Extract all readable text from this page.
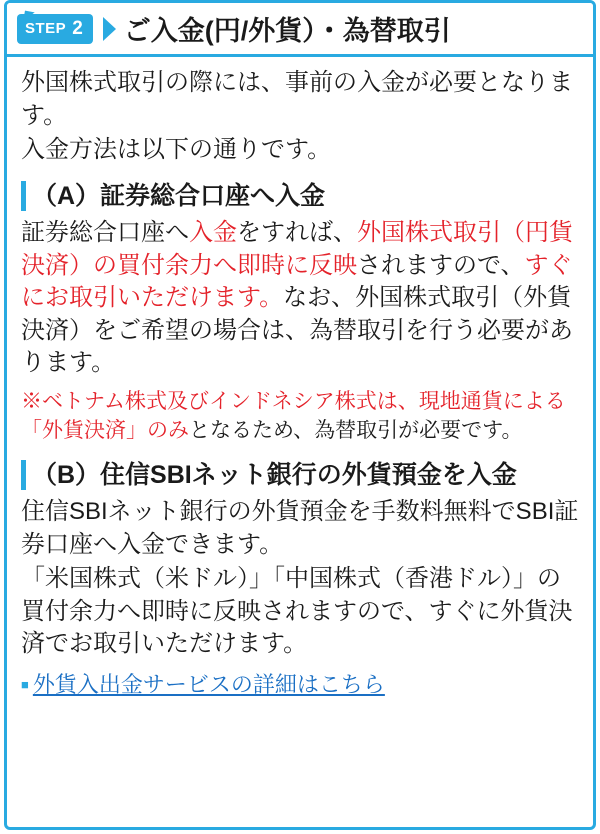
STEP 2 ご入金(円/外貨）・為替取引

外国株式取引の際には、事前の入金が必要となります。

入金方法は以下の通りです。

（A）証券総合口座へ入金

証券総合口座へ入金をすれば、外国株式取引（円貨決済）の買付余力へ即時に反映されますので、すぐにお取引いただけます。なお、外国株式取引（外貨決済）をご希望の場合は、為替取引を行う必要があります。

※ベトナム株式及びインドネシア株式は、現地通貨による「外貨決済」のみとなるため、為替取引が必要です。

（B）住信SBIネット銀行の外貨預金を入金

住信SBIネット銀行の外貨預金を手数料無料でSBI証券口座へ入金できます。

「米国株式（米ドル）」「中国株式（香港ドル）」の買付余力へ即時に反映されますので、すぐに外貨決済でお取引いただけます。

■ 外貨入出金サービスの詳細はこちら
